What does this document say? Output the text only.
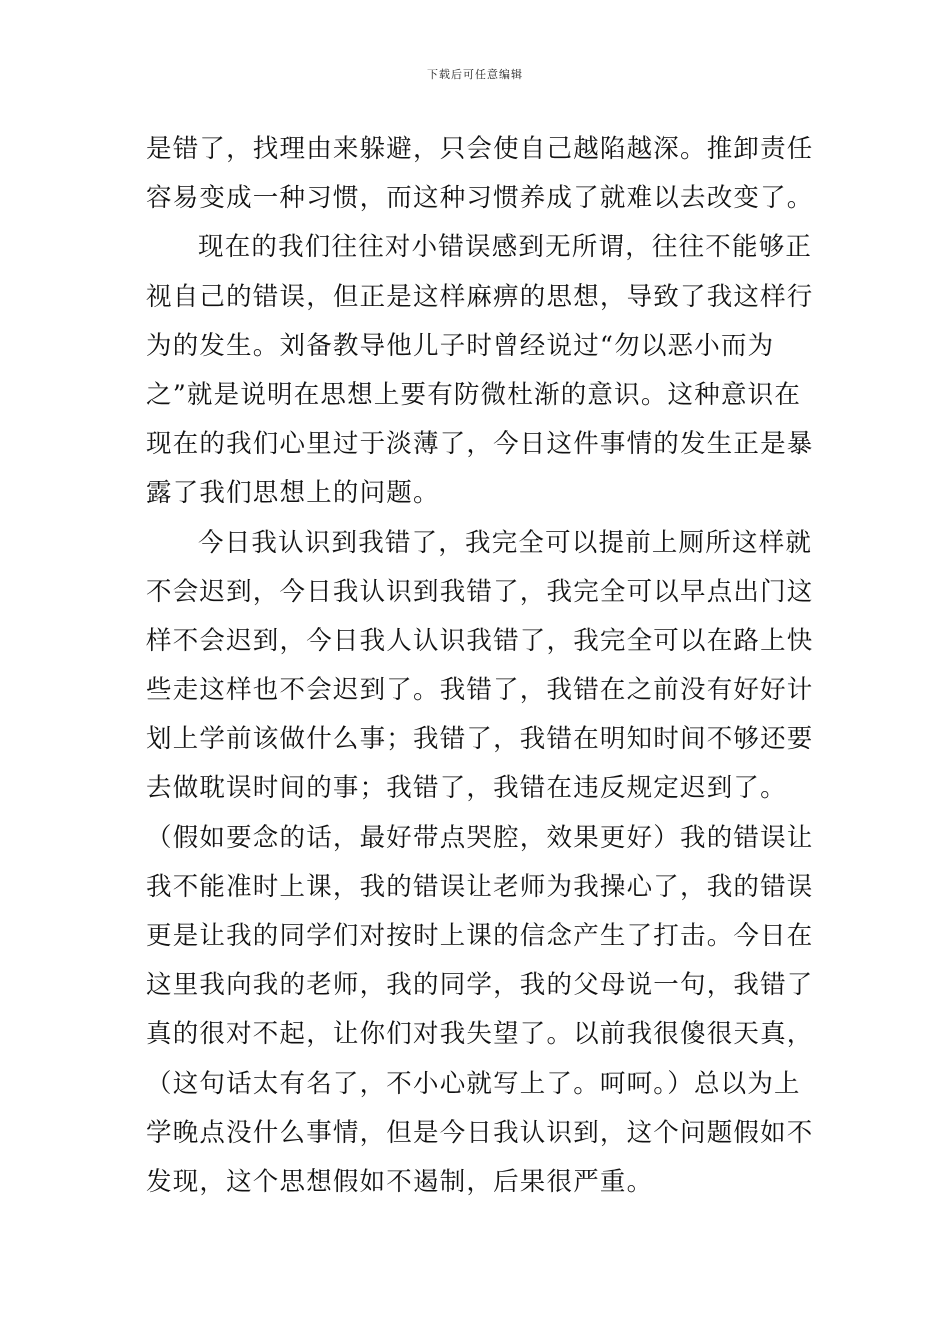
下载后可任意编辑
是错了，找理由来躲避，只会使自己越陷越深。推卸责任
容易变成一种习惯，而这种习惯养成了就难以去改变了。
现在的我们往往对小错误感到无所谓，往往不能够正
视自己的错误，但正是这样麻痹的思想，导致了我这样行
为的发生。刘备教导他儿子时曾经说过“勿以恶小而为
之”就是说明在思想上要有防微杜渐的意识。这种意识在
现在的我们心里过于淡薄了，今日这件事情的发生正是暴
露了我们思想上的问题。
今日我认识到我错了，我完全可以提前上厕所这样就
不会迟到，今日我认识到我错了，我完全可以早点出门这
样不会迟到，今日我人认识我错了，我完全可以在路上快
些走这样也不会迟到了。我错了，我错在之前没有好好计
划上学前该做什么事；我错了，我错在明知时间不够还要
去做耽误时间的事；我错了，我错在违反规定迟到了。
（假如要念的话，最好带点哭腔，效果更好）我的错误让
我不能准时上课，我的错误让老师为我操心了，我的错误
更是让我的同学们对按时上课的信念产生了打击。今日在
这里我向我的老师，我的同学，我的父母说一句，我错了
真的很对不起，让你们对我失望了。以前我很傻很天真，
（这句话太有名了，不小心就写上了。呵呵。）总以为上
学晚点没什么事情，但是今日我认识到，这个问题假如不
发现，这个思想假如不遏制，后果很严重。
